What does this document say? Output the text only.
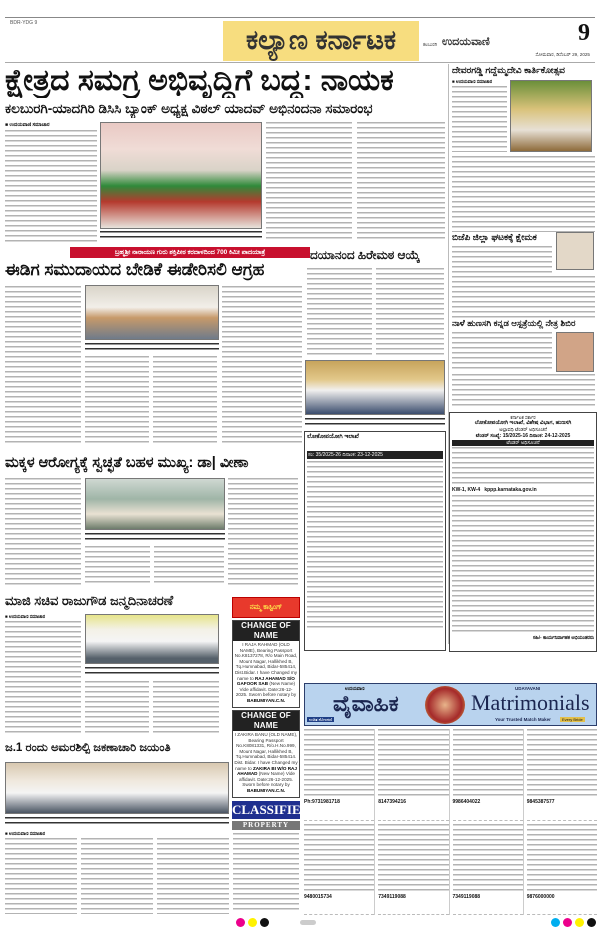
BDR-YDG 9
ಕಲ್ಯಾಣ ಕರ್ನಾಟಕ	9
ಕಲಬುರಗಿ ಉದಯವಾಣಿ
ಸೋಮವಾರ, ಡಿಸೆಂಬರ್ 29, 2025
ಕ್ಷೇತ್ರದ ಸಮಗ್ರ ಅಭಿವೃದ್ಧಿಗೆ ಬದ್ಧ: ನಾಯಕ
ಕಲಬುರಗಿ-ಯಾದಗಿರಿ ಡಿಸಿಸಿ ಬ್ಯಾಂಕ್ ಅಧ್ಯಕ್ಷ ವಿಠಲ್ ಯಾದವ್ ಅಭಿನಂದನಾ ಸಮಾರಂಭ
■ ಉದಯವಾಣಿ ಸಮಾಚಾರ
ದೇವರಗಡ್ಡಿ ಗದ್ದೆಮ್ಮದೇವಿ ಕಾರ್ತಿಕೋತ್ಸವ
■ ಉದಯವಾಣಿ ಸಮಾಚಾರ
ಬಿಜೆಪಿ ಜಿಲ್ಲಾ ಘಟಕಕ್ಕೆ ಕ್ಷೇಮಕ
ನಾಳೆ ಹುಣಸಗಿ ಕನ್ನಡ ಆಸ್ಪತ್ರೆಯಲ್ಲಿ ನೇತ್ರ ಶಿಬಿರ
ಬ್ರಹ್ಮಶ್ರೀ ನಾರಾಯಣ ಗುರು ಶಕ್ತಿಪೀಠ ಕರದಾಳದಿಂದ 700 ಕಿಮೀ ಪಾದಯಾತ್ರೆ
ಈಡಿಗ ಸಮುದಾಯದ ಬೇಡಿಕೆ ಈಡೇರಿಸಲಿ ಆಗ್ರಹ
ದಯಾನಂದ ಹಿರೇಮಠ ಆಯ್ಕೆ
ಲೋಕೋಪಯೋಗಿ ಇಲಾಖೆ
ಸಂ: 35/2025-26 ದಿನಾಂಕ: 23-12-2025
ಕರ್ನಾಟಕ ಸರ್ಕಾರ
ಲೋಕೋಪಯೋಗಿ ಇಲಾಖೆ, ವಿಶೇಷ ವಿಭಾಗ, ಹುಣಸಗಿ
ಅಲ್ಪಾವಧಿ ಟೆಂಡರ್ ಅಧಿಸೂಚನೆ
ಟೆಂಡರ್ ಸಂಖ್ಯೆ: 15/2025-16 ದಿನಾಂಕ: 24-12-2025
ಟೆಂಡರ್ ಅಧಿಸೂಚನೆ
KW-1, KW-4 kppp.karnataka.gov.in
ಸಹಿ/- ಕಾರ್ಯನಿರ್ವಾಹಕ ಅಭಿಯಂತರರು
ಮಕ್ಕಳ ಆರೋಗ್ಯಕ್ಕೆ ಸ್ವಚ್ಛತೆ ಬಹಳ ಮುಖ್ಯ: ಡಾ| ವೀಣಾ
ಮಾಜಿ ಸಚಿವ ರಾಜುಗೌಡ ಜನ್ಮದಿನಾಚರಣೆ
■ ಉದಯವಾಣಿ ಸಮಾಚಾರ
ಜ.1 ರಂದು ಅಮರಶಿಲ್ಪಿ ಜಕಣಾಚಾರಿ ಜಯಂತಿ
■ ಉದಯವಾಣಿ ಸಮಾಚಾರ
ನಮ್ಮ ಕಾಸ್ಟಿಂಗ್
CHANGE OF NAME
I RAJA RAHMAD (OLD NAME), Bearing Passport No.K8137278, R/o Main Road, Mount Nagar, Hallikhed B, Tq.Humnabad, Bidar-585414, Dist.Bidar. I have Changed my name to RAJ AHAMAD S/O GAFOOR SAB (New Name) Vide affidavit. Date:26-12-2025. Sworn before notary by BABUMIYAN.C.N.
CHANGE OF NAME
I ZAKIRA BANU (OLD NAME), Bearing Passport No.K8081331, R/o.H.No.999, Mount Nagar, Hallikhed B, Tq.Humnabad, Bidar-585414. Dist. Bidar. I have Changed my name to ZAKIRA BI W/O RAJ AHAMAD (New Name) Vide affidavit. Date:26-12-2025. Sworn before notary by BABUMIYAN.C.N.
CLASSIFIED
PROPERTY
ಉದಯವಾಣಿ
ವೈವಾಹಿಕ
ಉಚಿತ ನೋಂದಣಿ
UDAYAVANI
Matrimonials
Your Trusted Match Maker	Every Bride
Ph:9731981718
9480015734
8147394216
7349119088
9986404022
7349119088
9845387577
9876000000
